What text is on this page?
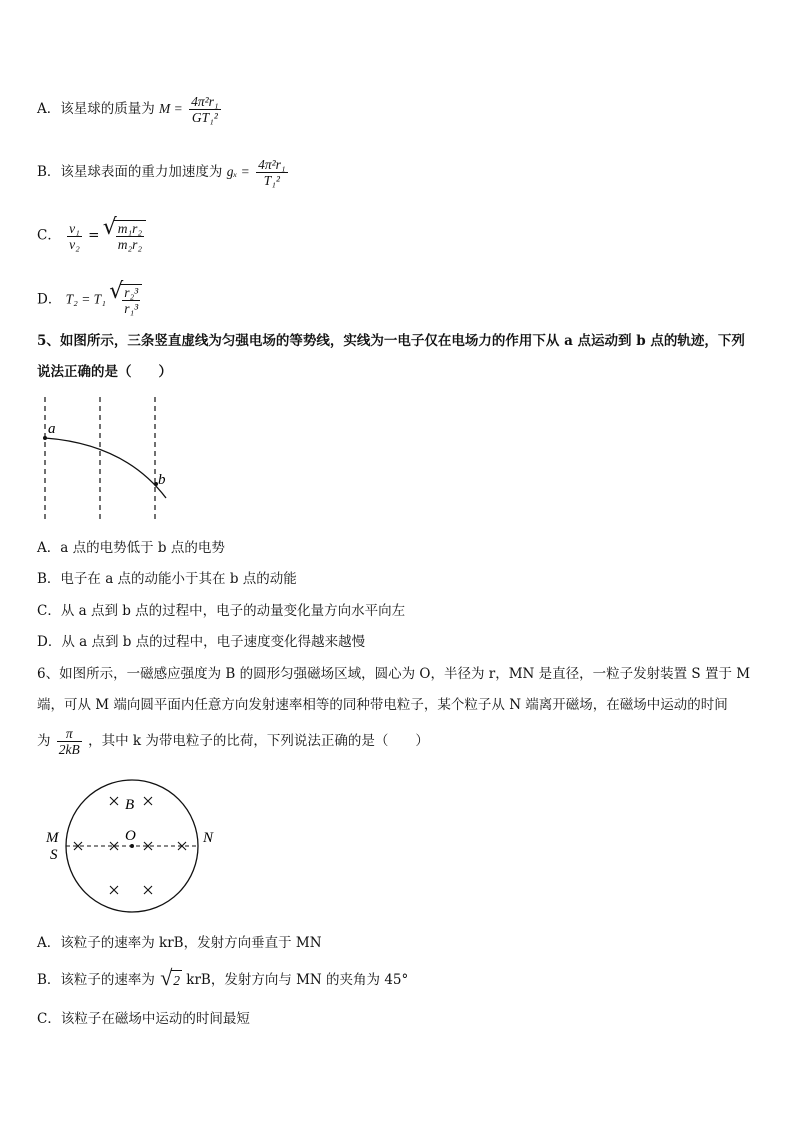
A．该星球的质量为 $M = \frac{\text{4π²r₁}}{\text{GT₁²}}$
B．该星球表面的重力加速度为 $g_x = \frac{\text{4π²r₁}}{\text{T₁²}}$
C． $\frac{\text{v₁}}{\text{v₂}}$ = √ $\frac{\text{m₁r₂}}{\text{m₂r₂}}$
D． T₂ = T₁ √ $\frac{\text{r₂³}}{\text{r₁³}}$
5、如图所示，三条竖直虚线为匀强电场的等势线，实线为一电子仅在电场力的作用下从 a 点运动到 b 点的轨迹，下列
说法正确的是（　　）
a
b
A．a 点的电势低于 b 点的电势
B．电子在 a 点的动能小于其在 b 点的动能
C．从 a 点到 b 点的过程中，电子的动量变化量方向水平向左
D．从 a 点到 b 点的过程中，电子速度变化得越来越慢
6、如图所示，一磁感应强度为 B 的圆形匀强磁场区域，圆心为 O，半径为 r，MN 是直径，一粒子发射装置 S 置于 M
端，可从 M 端向圆平面内任意方向发射速率相等的同种带电粒子，某个粒子从 N 端离开磁场，在磁场中运动的时间
为 $\frac{\pi}{2kB}$ ，其中 k 为带电粒子的比荷，下列说法正确的是（　　）
B
O
M
S
N
A．该粒子的速率为 krB，发射方向垂直于 MN
B．该粒子的速率为 √ 2 krB，发射方向与 MN 的夹角为 45°
C．该粒子在磁场中运动的时间最短
